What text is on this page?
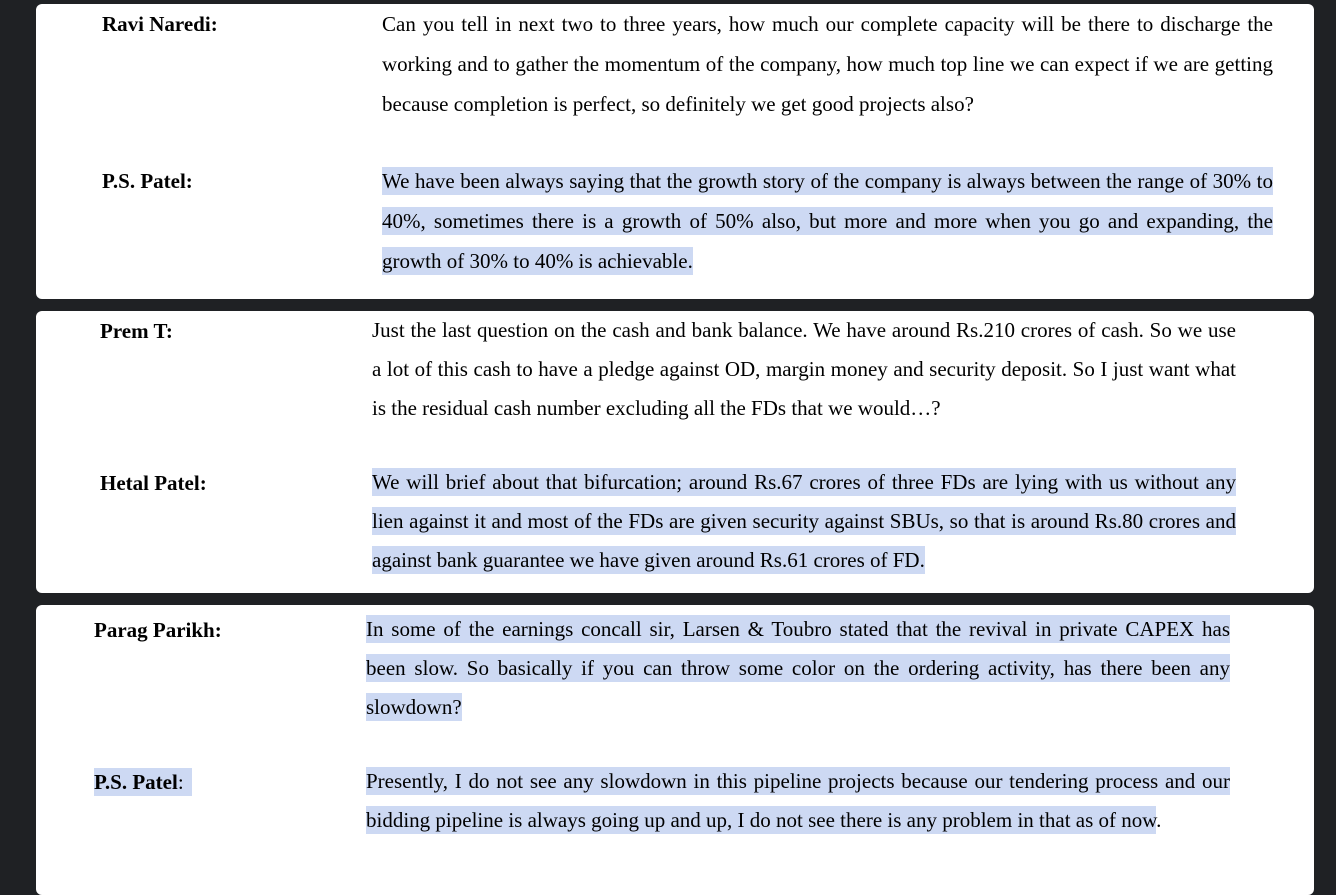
Ravi Naredi:	Can you tell in next two to three years, how much our complete capacity will be there to discharge the working and to gather the momentum of the company, how much top line we can expect if we are getting because completion is perfect, so definitely we get good projects also?
P.S. Patel:	We have been always saying that the growth story of the company is always between the range of 30% to 40%, sometimes there is a growth of 50% also, but more and more when you go and expanding, the growth of 30% to 40% is achievable.
Prem T:	Just the last question on the cash and bank balance. We have around Rs.210 crores of cash. So we use a lot of this cash to have a pledge against OD, margin money and security deposit. So I just want what is the residual cash number excluding all the FDs that we would…?
Hetal Patel:	We will brief about that bifurcation; around Rs.67 crores of three FDs are lying with us without any lien against it and most of the FDs are given security against SBUs, so that is around Rs.80 crores and against bank guarantee we have given around Rs.61 crores of FD.
Parag Parikh:	In some of the earnings concall sir, Larsen & Toubro stated that the revival in private CAPEX has been slow. So basically if you can throw some color on the ordering activity, has there been any slowdown?
P.S. Patel:	Presently, I do not see any slowdown in this pipeline projects because our tendering process and our bidding pipeline is always going up and up, I do not see there is any problem in that as of now.
